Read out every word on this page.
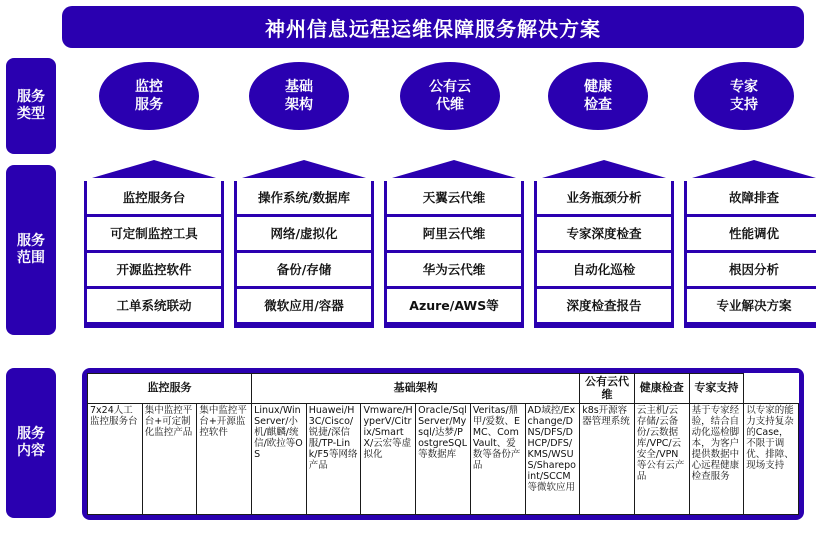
神州信息远程运维保障服务解决方案
服务
类型
服务
范围
服务
内容
监控
服务
监控服务台
可定制监控工具
开源监控软件
工单系统联动
基础
架构
操作系统/数据库
网络/虚拟化
备份/存储
微软应用/容器
公有云
代维
天翼云代维
阿里云代维
华为云代维
Azure/AWS等
健康
检查
业务瓶颈分析
专家深度检查
自动化巡检
深度检查报告
专家
支持
故障排查
性能调优
根因分析
专业解决方案
监控服务			基础架构						公有云代维	健康检查	专家支持	
7x24人工监控服务台	集中监控平台+可定制化监控产品	集中监控平台+开源监控软件	Linux/Win Server/小机/麒麟/统信/欧拉等OS	Huawei/H3C/Cisco/锐捷/深信服/TP-Link/F5等网络产品	Vmware/HyperV/Citrix/SmartX/云宏等虚拟化	Oracle/SqlServer/Mysql/达梦/PostgreSQL等数据库	Veritas/鼎甲/爱数、EMC、ComVault、爱数等备份产品	AD域控/Exchange/DNS/DFS/DHCP/DFS/KMS/WSUS/Sharepoint/SCCM等微软应用	k8s开源容器管理系统	云主机/云存储/云备份/云数据库/VPC/云安全/VPN等公有云产品	基于专家经验，结合自动化巡检脚本，为客户提供数据中心远程健康检查服务	以专家的能力支持复杂的Case，不限于调优、排障、现场支持
